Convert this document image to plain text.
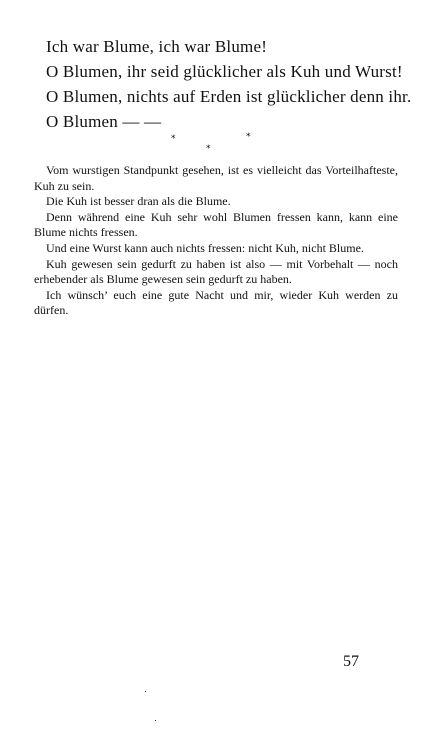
Ich war Blume, ich war Blume!

O Blumen, ihr seid glücklicher als Kuh und Wurst!

O Blumen, nichts auf Erden ist glücklicher denn ihr.

O Blumen — —

*	*
*

Vom wurstigen Standpunkt gesehen, ist es vielleicht das Vorteilhafteste, Kuh zu sein.

Die Kuh ist besser dran als die Blume.

Denn während eine Kuh sehr wohl Blumen fressen kann, kann eine Blume nichts fressen.

Und eine Wurst kann auch nichts fressen: nicht Kuh, nicht Blume.

Kuh gewesen sein gedurft zu haben ist also — mit Vorbehalt — noch erhebender als Blume gewesen sein gedurft zu haben.

Ich wünsch’ euch eine gute Nacht und mir, wieder Kuh werden zu dürfen.

57
